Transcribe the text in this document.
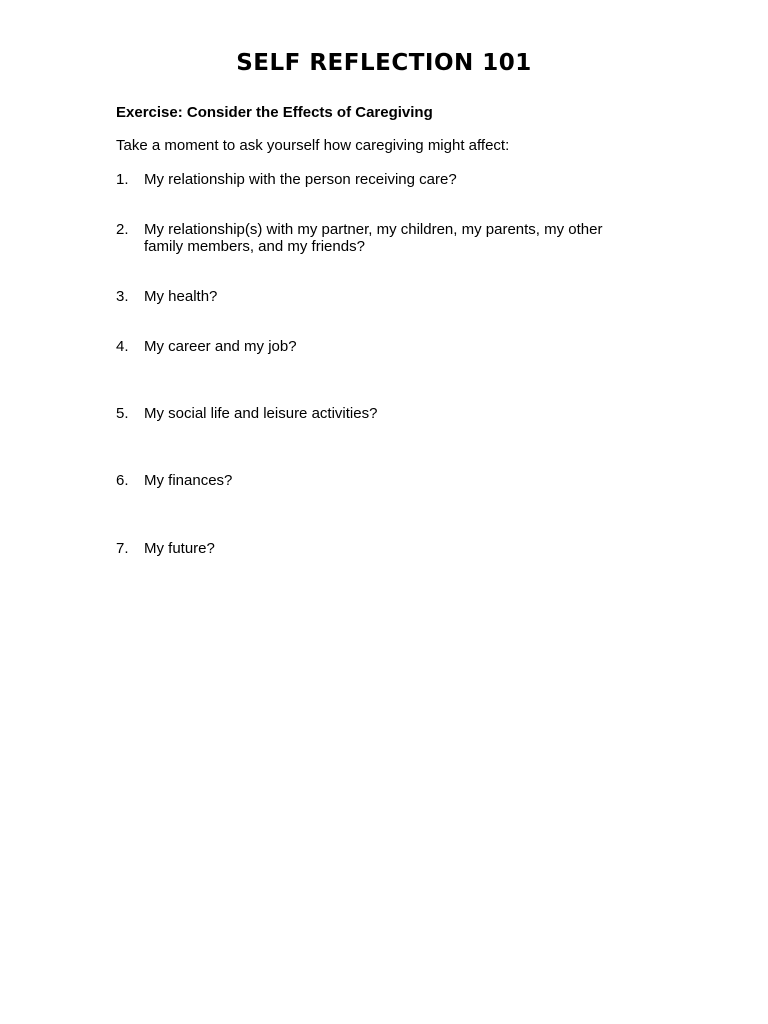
SELF REFLECTION 101
Exercise: Consider the Effects of Caregiving
Take a moment to ask yourself how caregiving might affect:
1.	My relationship with the person receiving care?
2.	My relationship(s) with my partner, my children, my parents, my other family members, and my friends?
3.	My health?
4.	My career and my job?
5.	My social life and leisure activities?
6.	My finances?
7.	My future?
